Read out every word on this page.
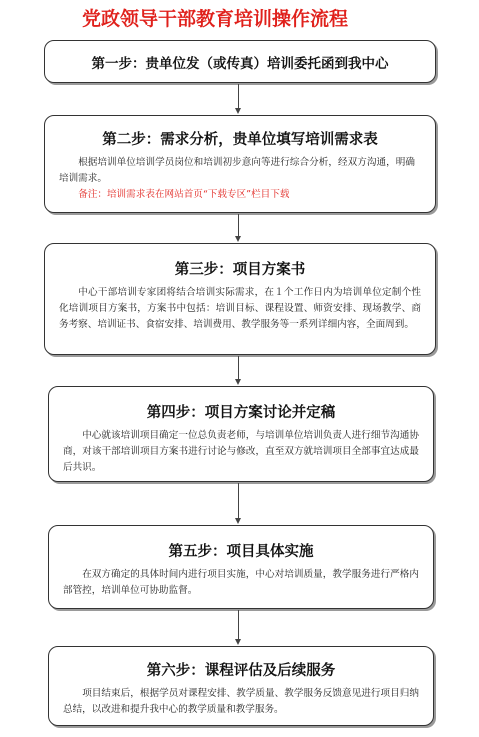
党政领导干部教育培训操作流程
第一步：贵单位发（或传真）培训委托函到我中心
第二步：需求分析，贵单位填写培训需求表

根据培训单位培训学员岗位和培训初步意向等进行综合分析，经双方沟通，明确培训需求。

备注：培训需求表在网站首页“下载专区”栏目下载

第三步：项目方案书

中心干部培训专家团将结合培训实际需求，在１个工作日内为培训单位定制个性化培训项目方案书，方案书中包括：培训目标、课程设置、师资安排、现场教学、商务考察、培训证书、食宿安排、培训费用、教学服务等一系列详细内容，全面周到。

第四步：项目方案讨论并定稿

中心就该培训项目确定一位总负责老师，与培训单位培训负责人进行细节沟通协商，对该干部培训项目方案书进行讨论与修改，直至双方就培训项目全部事宜达成最后共识。

第五步：项目具体实施

在双方确定的具体时间内进行项目实施，中心对培训质量，教学服务进行严格内部管控，培训单位可协助监督。

第六步：课程评估及后续服务

项目结束后，根据学员对课程安排、教学质量、教学服务反馈意见进行项目归纳总结，以改进和提升我中心的教学质量和教学服务。
